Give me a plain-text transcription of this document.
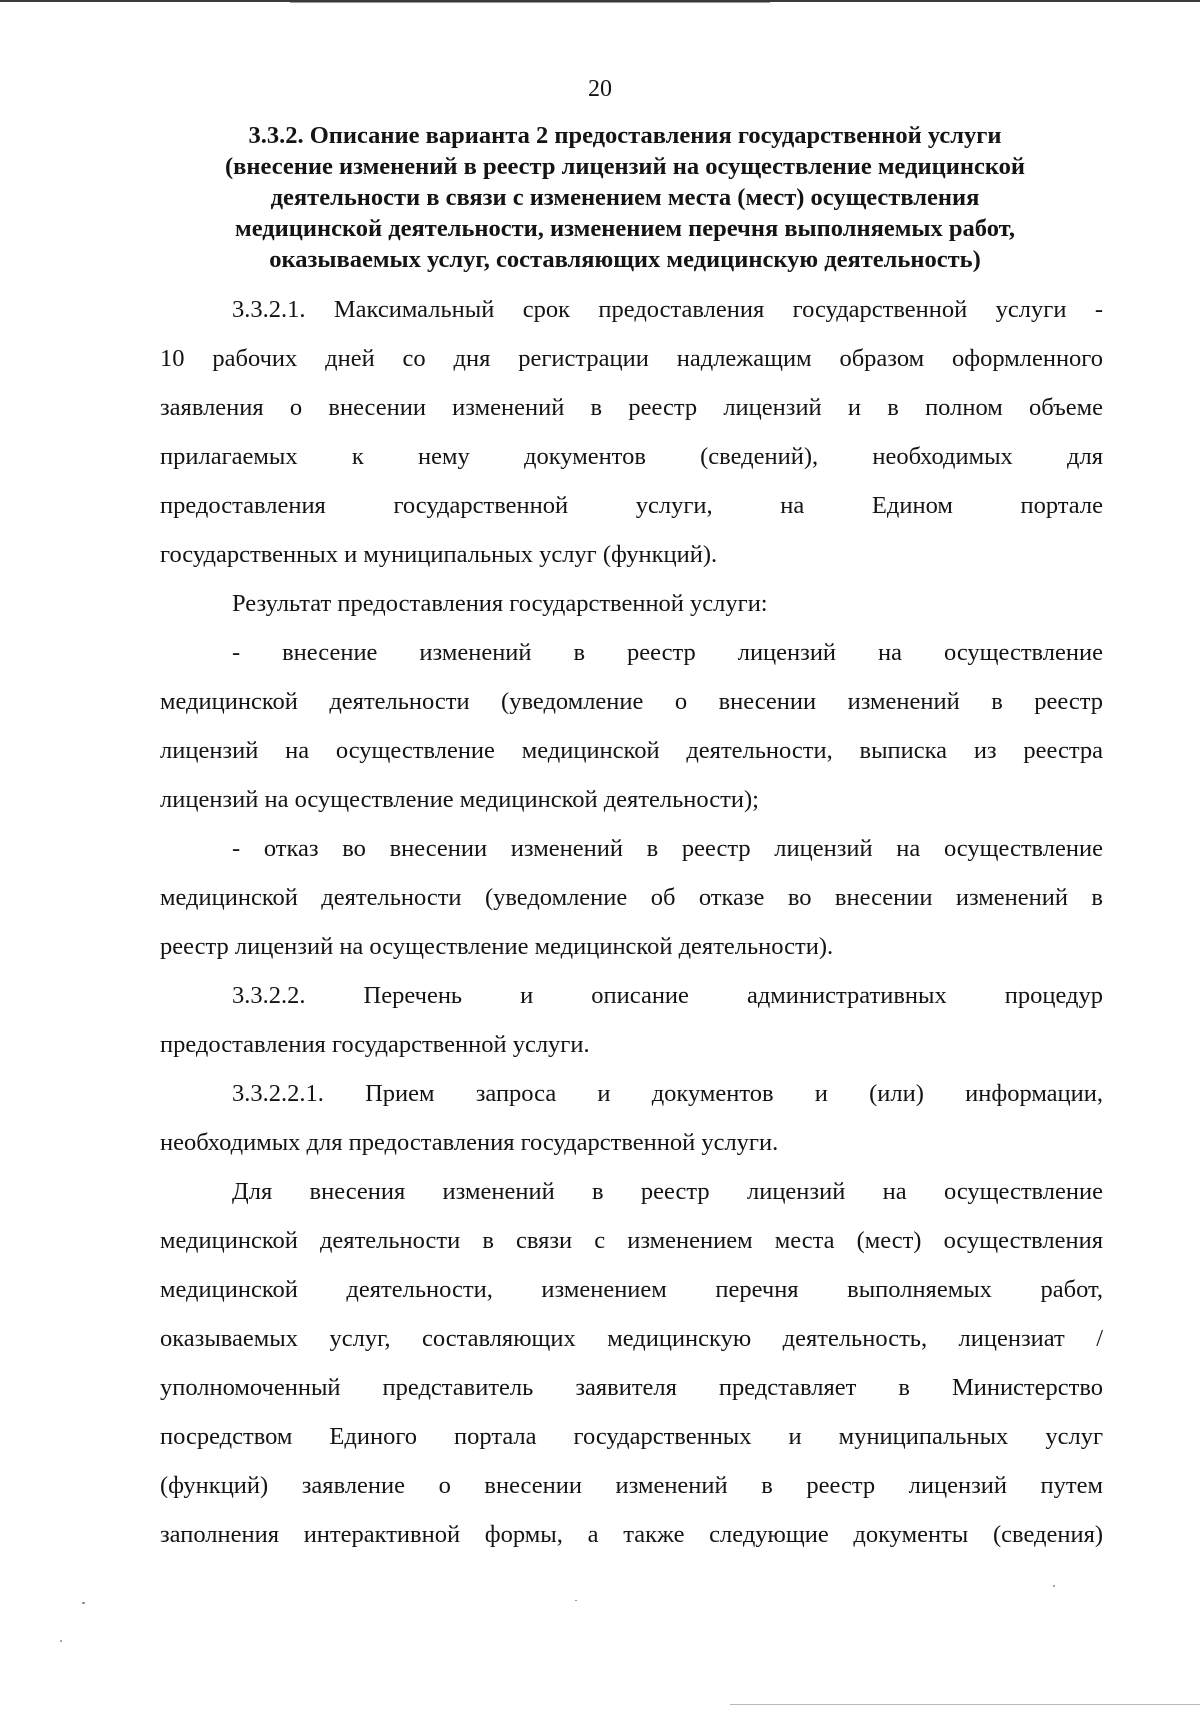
20
3.3.2. Описание варианта 2 предоставления государственной услуги
(внесение изменений в реестр лицензий на осуществление медицинской
деятельности в связи с изменением места (мест) осуществления
медицинской деятельности, изменением перечня выполняемых работ,
оказываемых услуг, составляющих медицинскую деятельность)
3.3.2.1. Максимальный срок предоставления государственной услуги -
10 рабочих дней со дня регистрации надлежащим образом оформленного
заявления о внесении изменений в реестр лицензий и в полном объеме
прилагаемых к нему документов (сведений), необходимых для
предоставления государственной услуги, на Едином портале
государственных и муниципальных услуг (функций).
Результат предоставления государственной услуги:
- внесение изменений в реестр лицензий на осуществление
медицинской деятельности (уведомление о внесении изменений в реестр
лицензий на осуществление медицинской деятельности, выписка из реестра
лицензий на осуществление медицинской деятельности);
- отказ во внесении изменений в реестр лицензий на осуществление
медицинской деятельности (уведомление об отказе во внесении изменений в
реестр лицензий на осуществление медицинской деятельности).
3.3.2.2. Перечень и описание административных процедур
предоставления государственной услуги.
3.3.2.2.1. Прием запроса и документов и (или) информации,
необходимых для предоставления государственной услуги.
Для внесения изменений в реестр лицензий на осуществление
медицинской деятельности в связи с изменением места (мест) осуществления
медицинской деятельности, изменением перечня выполняемых работ,
оказываемых услуг, составляющих медицинскую деятельность, лицензиат /
уполномоченный представитель заявителя представляет в Министерство
посредством Единого портала государственных и муниципальных услуг
(функций) заявление о внесении изменений в реестр лицензий путем
заполнения интерактивной формы, а также следующие документы (сведения)
